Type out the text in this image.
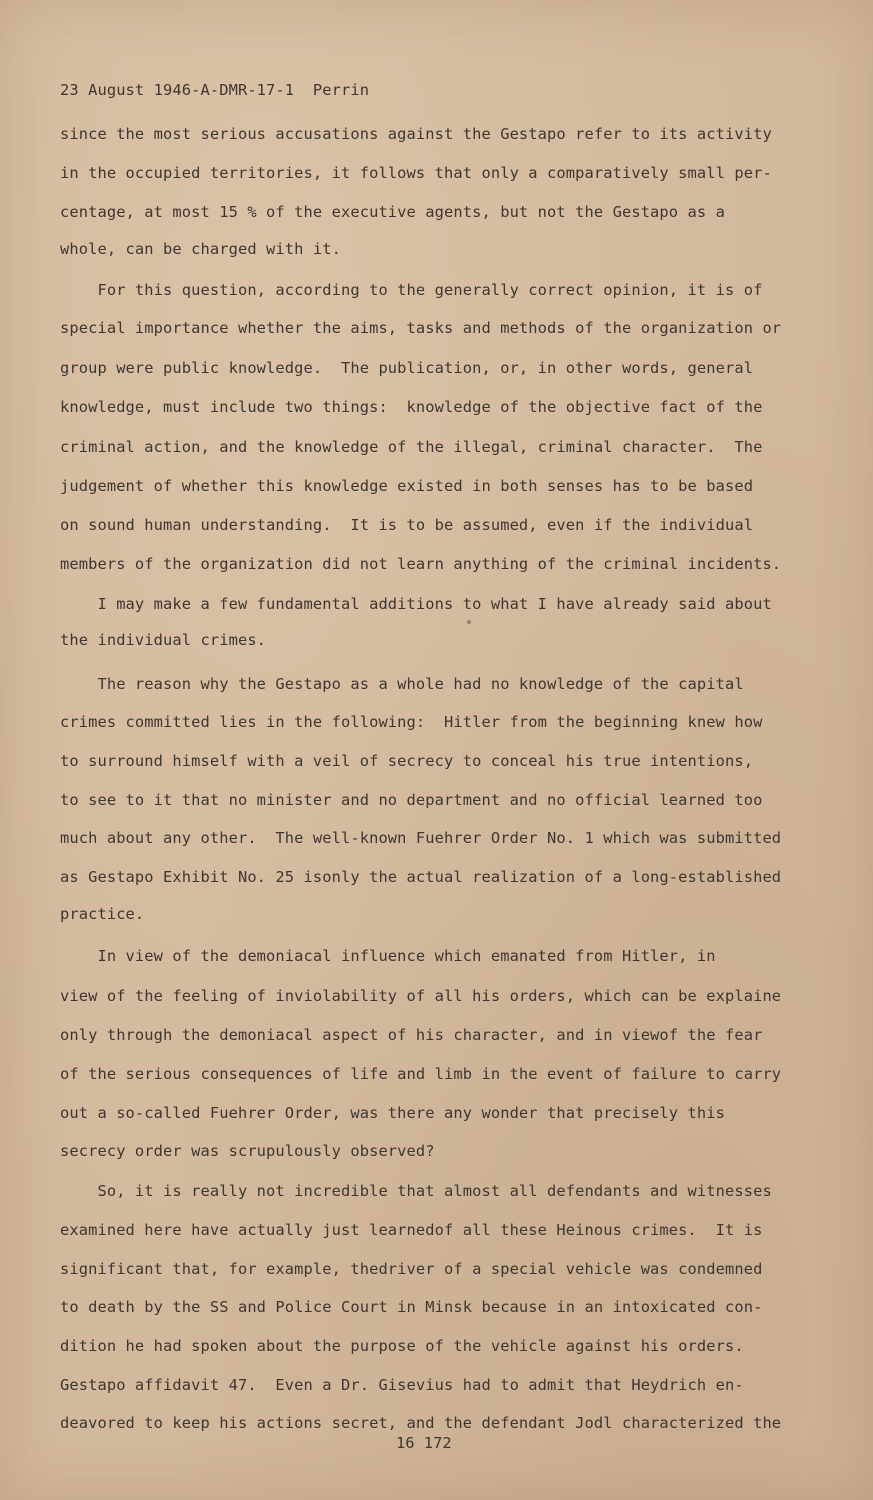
23 August 1946-A-DMR-17-1  Perrin
since the most serious accusations against the Gestapo refer to its activity
in the occupied territories, it follows that only a comparatively small per-
centage, at most 15 % of the executive agents, but not the Gestapo as a
whole, can be charged with it.
For this question, according to the generally correct opinion, it is of
special importance whether the aims, tasks and methods of the organization or
group were public knowledge.  The publication, or, in other words, general
knowledge, must include two things:  knowledge of the objective fact of the
criminal action, and the knowledge of the illegal, criminal character.  The
judgement of whether this knowledge existed in both senses has to be based
on sound human understanding.  It is to be assumed, even if the individual
members of the organization did not learn anything of the criminal incidents.
I may make a few fundamental additions to what I have already said about
the individual crimes.
The reason why the Gestapo as a whole had no knowledge of the capital
crimes committed lies in the following:  Hitler from the beginning knew how
to surround himself with a veil of secrecy to conceal his true intentions,
to see to it that no minister and no department and no official learned too
much about any other.  The well-known Fuehrer Order No. 1 which was submitted
as Gestapo Exhibit No. 25 isonly the actual realization of a long-established
practice.
In view of the demoniacal influence which emanated from Hitler, in
view of the feeling of inviolability of all his orders, which can be explaine
only through the demoniacal aspect of his character, and in viewof the fear
of the serious consequences of life and limb in the event of failure to carry
out a so-called Fuehrer Order, was there any wonder that precisely this
secrecy order was scrupulously observed?
So, it is really not incredible that almost all defendants and witnesses
examined here have actually just learnedof all these Heinous crimes.  It is
significant that, for example, thedriver of a special vehicle was condemned
to death by the SS and Police Court in Minsk because in an intoxicated con-
dition he had spoken about the purpose of the vehicle against his orders.
Gestapo affidavit 47.  Even a Dr. Gisevius had to admit that Heydrich en-
deavored to keep his actions secret, and the defendant Jodl characterized the
16 172
